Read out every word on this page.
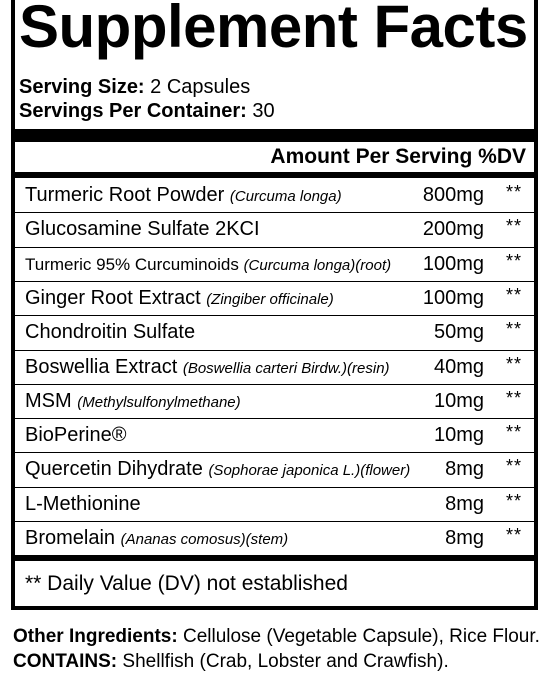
Supplement Facts
Serving Size: 2 Capsules
Servings Per Container: 30
Amount Per Serving %DV
Turmeric Root Powder (Curcuma longa)	800mg **
Glucosamine Sulfate 2KCI	200mg **
Turmeric 95% Curcuminoids (Curcuma longa)(root) 100mg **
Ginger Root Extract (Zingiber officinale)	100mg **
Chondroitin Sulfate	50mg **
Boswellia Extract (Boswellia carteri Birdw.)(resin) 40mg **
MSM (Methylsulfonylmethane)	10mg **
BioPerine®	10mg **
Quercetin Dihydrate (Sophorae japonica L.)(flower) 8mg **
L-Methionine	8mg **
Bromelain (Ananas comosus)(stem)	8mg **
** Daily Value (DV) not established
Other Ingredients: Cellulose (Vegetable Capsule), Rice Flour.
CONTAINS: Shellfish (Crab, Lobster and Crawfish).
